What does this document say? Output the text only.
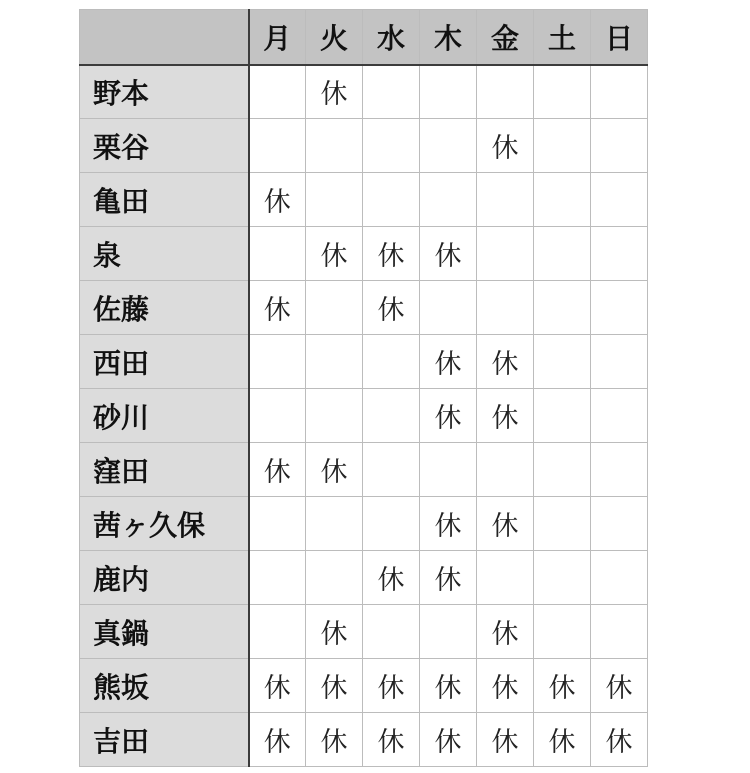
	月	火	水	木	金	土	日
野本		休					
栗谷					休		
亀田	休						
泉		休	休	休			
佐藤	休		休				
西田				休	休		
砂川				休	休		
窪田	休	休					
茜ヶ久保				休	休		
鹿内			休	休			
真鍋		休			休		
熊坂	休	休	休	休	休	休	休
吉田	休	休	休	休	休	休	休
